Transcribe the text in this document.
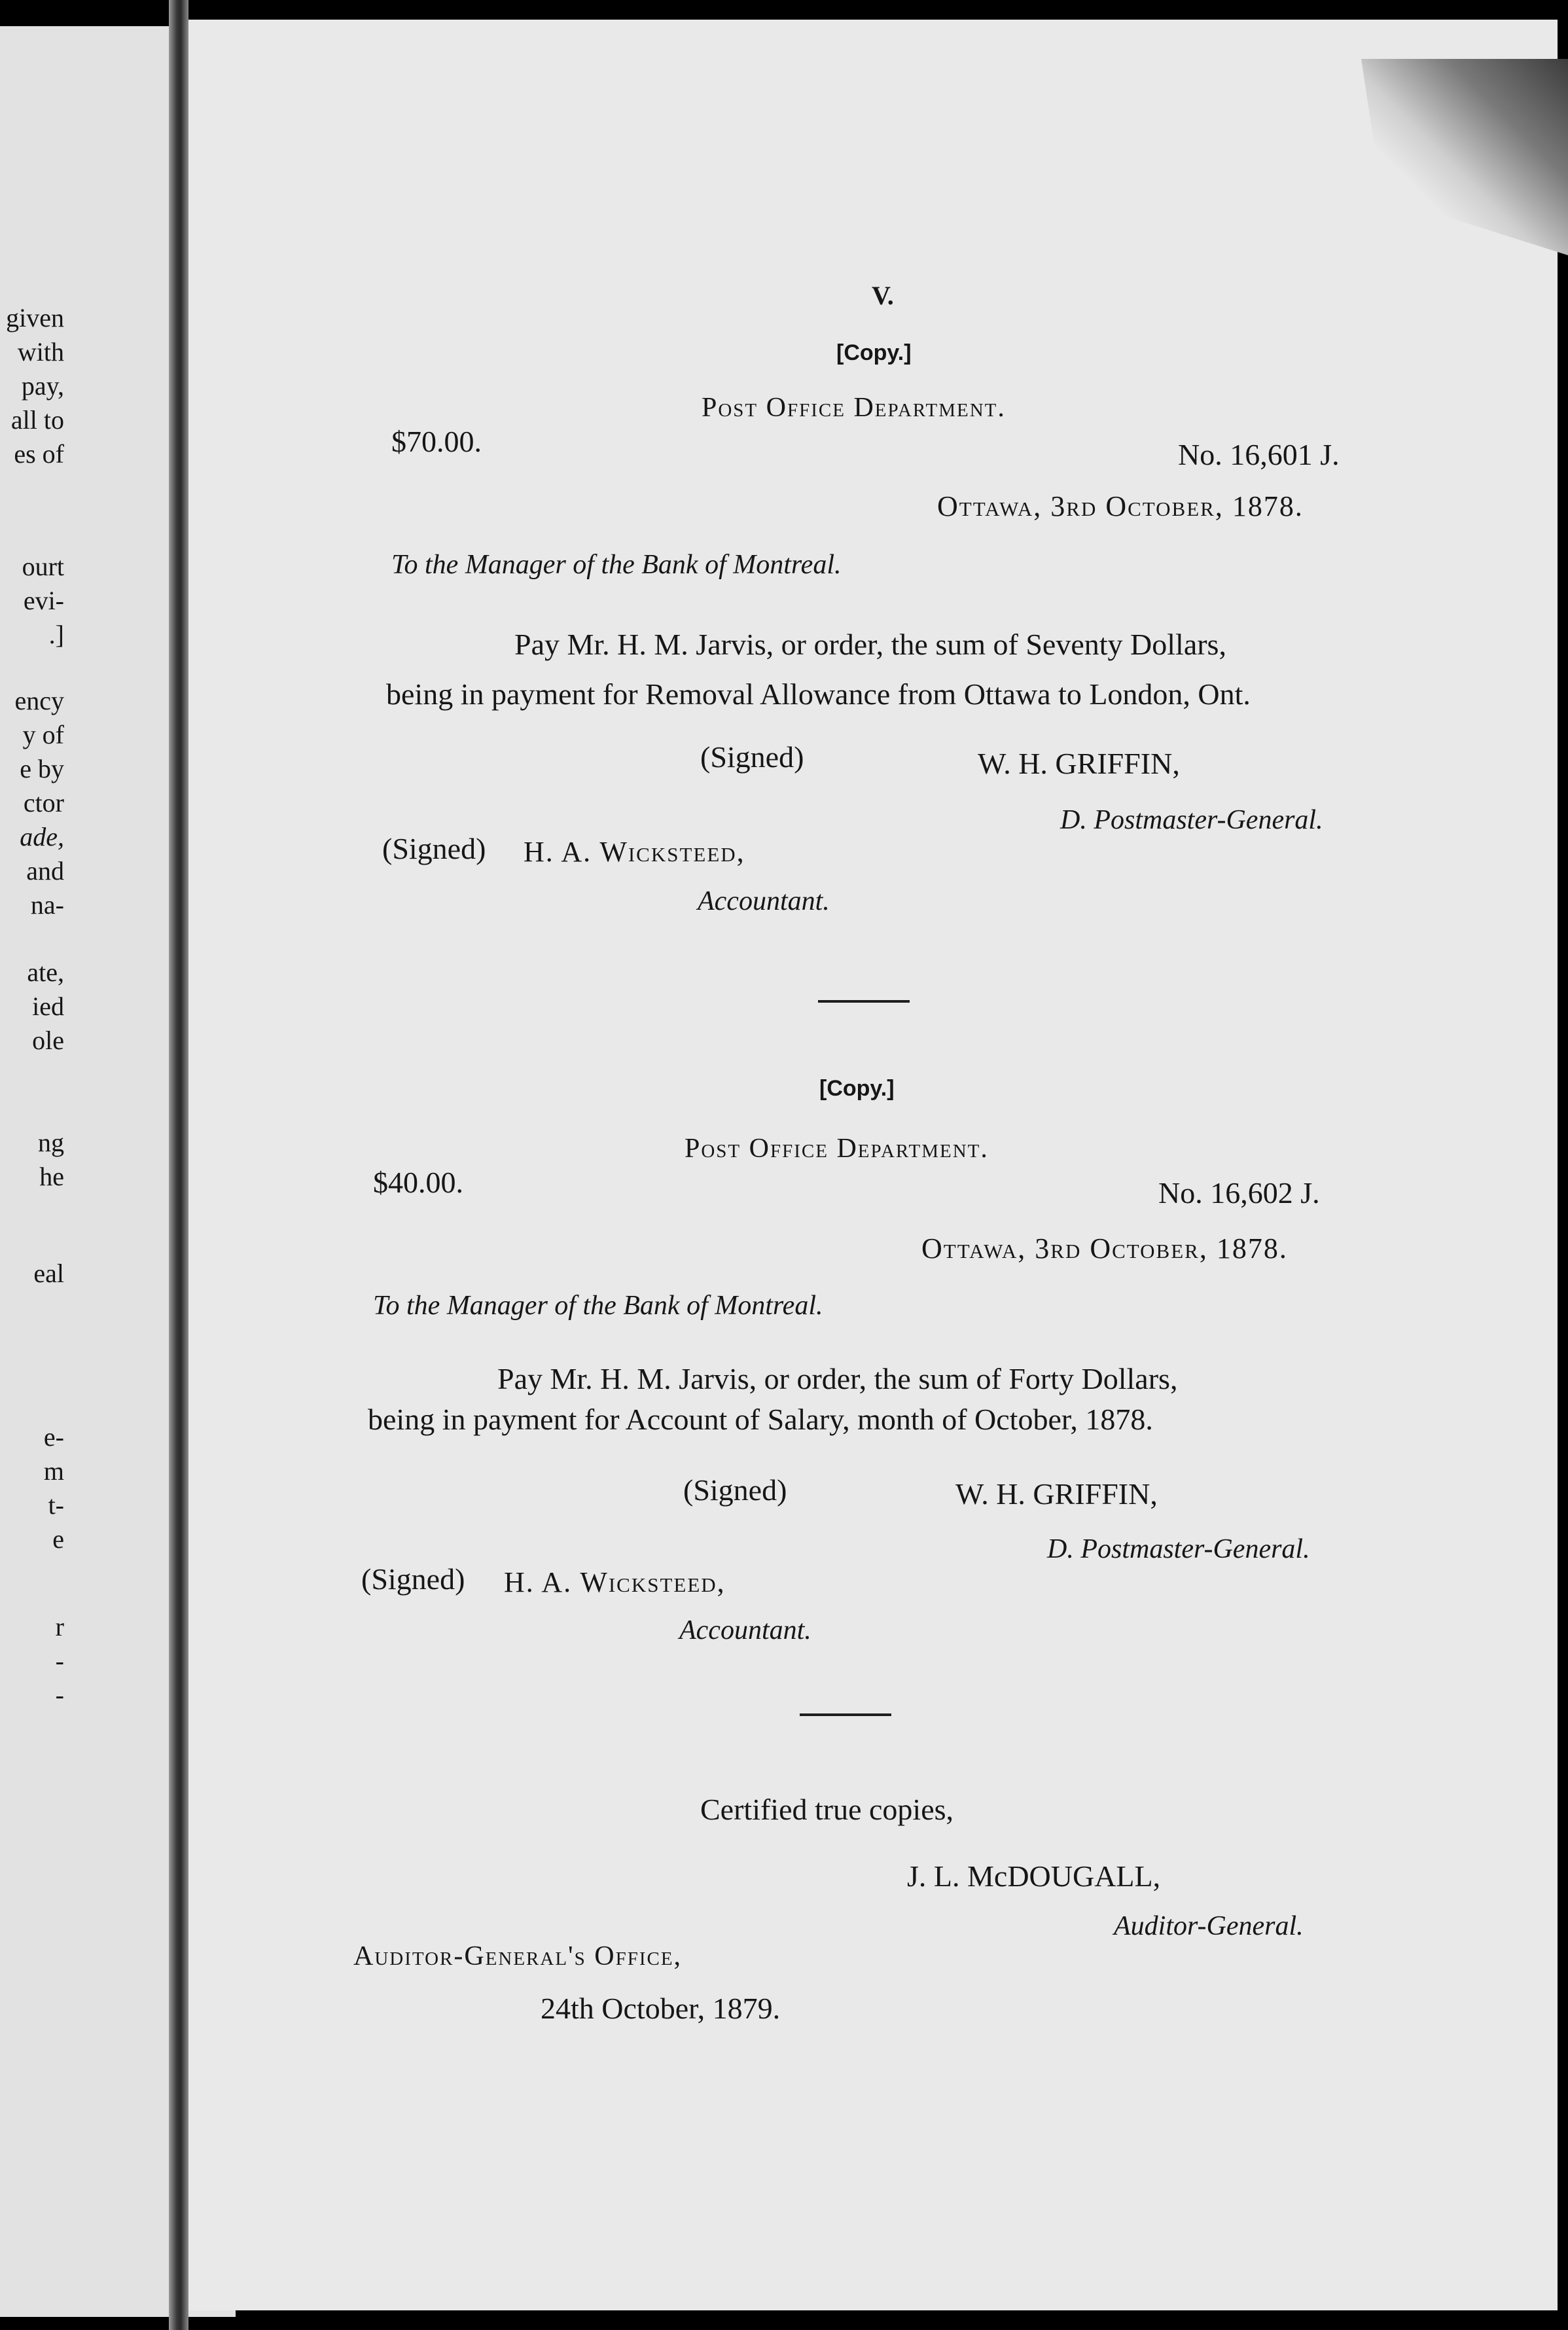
given
with
pay,
all to
es of
ourt
evi-
.]
ency
y of
e by
ctor
ade,
and
na-
ate,
ied
ole
ng
he
eal
e-
m
t-
e
r
-
-
V.
[Copy.]
Post Office Department.
$70.00.	No. 16,601 J.
Ottawa, 3rd October, 1878.
To the Manager of the Bank of Montreal.
Pay Mr. H. M. Jarvis, or order, the sum of Seventy Dollars,
being in payment for Removal Allowance from Ottawa to London, Ont.
(Signed)	W. H. GRIFFIN,
D. Postmaster-General.
(Signed) H. A. Wicksteed,
Accountant.
[Copy.]
Post Office Department.
$40.00.	No. 16,602 J.
Ottawa, 3rd October, 1878.
To the Manager of the Bank of Montreal.
Pay Mr. H. M. Jarvis, or order, the sum of Forty Dollars,
being in payment for Account of Salary, month of October, 1878.
(Signed)	W. H. GRIFFIN,
D. Postmaster-General.
(Signed) H. A. Wicksteed,
Accountant.
Certified true copies,
J. L. McDOUGALL,
Auditor-General.
Auditor-General's Office,
24th October, 1879.
